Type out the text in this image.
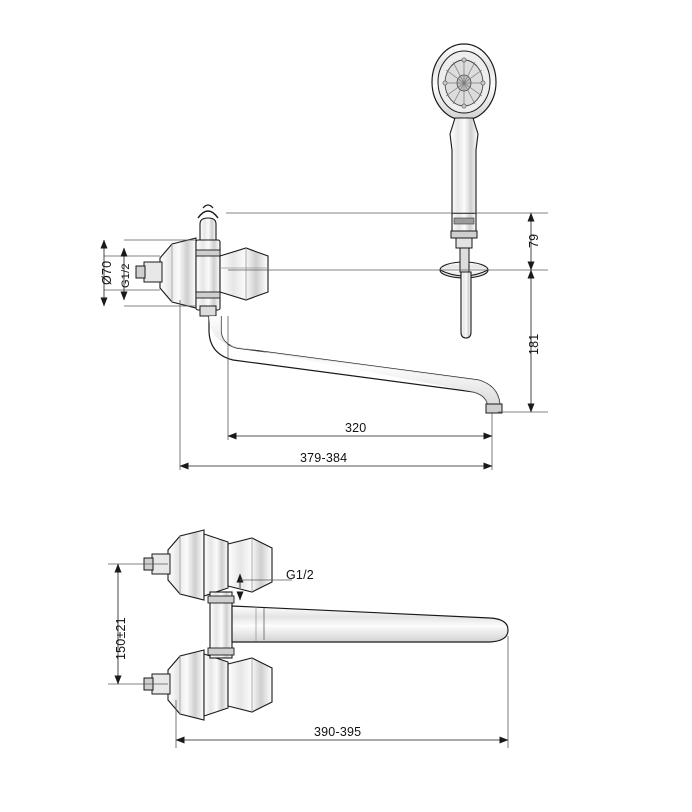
Ø70 G1/2
79
181
320
379-384
150±21
G1/2
390-395
